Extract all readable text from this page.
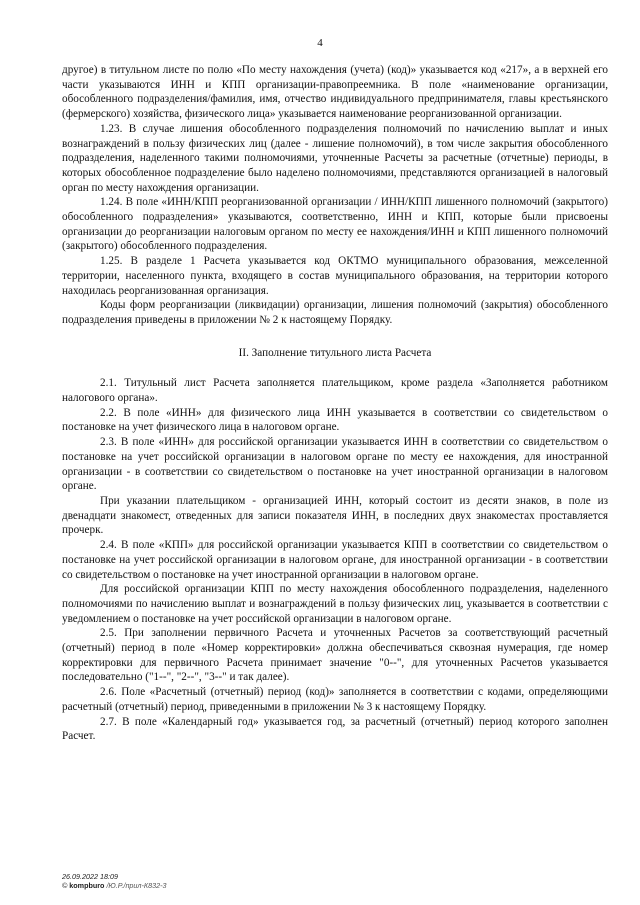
4

другое) в титульном листе по полю «По месту нахождения (учета) (код)» указывается код «217», а в верхней его части указываются ИНН и КПП организации-правопреемника. В поле «наименование организации, обособленного подразделения/фамилия, имя, отчество индивидуального предпринимателя, главы крестьянского (фермерского) хозяйства, физического лица» указывается наименование реорганизованной организации.

1.23. В случае лишения обособленного подразделения полномочий по начислению выплат и иных вознаграждений в пользу физических лиц (далее - лишение полномочий), в том числе закрытия обособленного подразделения, наделенного такими полномочиями, уточненные Расчеты за расчетные (отчетные) периоды, в которых обособленное подразделение было наделено полномочиями, представляются организацией в налоговый орган по месту нахождения организации.

1.24. В поле «ИНН/КПП реорганизованной организации / ИНН/КПП лишенного полномочий (закрытого) обособленного подразделения» указываются, соответственно, ИНН и КПП, которые были присвоены организации до реорганизации налоговым органом по месту ее нахождения/ИНН и КПП лишенного полномочий (закрытого) обособленного подразделения.

1.25. В разделе 1 Расчета указывается код ОКТМО муниципального образования, межселенной территории, населенного пункта, входящего в состав муниципального образования, на территории которого находилась реорганизованная организация.

Коды форм реорганизации (ликвидации) организации, лишения полномочий (закрытия) обособленного подразделения приведены в приложении № 2 к настоящему Порядку.

II. Заполнение титульного листа Расчета

2.1. Титульный лист Расчета заполняется плательщиком, кроме раздела «Заполняется работником налогового органа».

2.2. В поле «ИНН» для физического лица ИНН указывается в соответствии со свидетельством о постановке на учет физического лица в налоговом органе.

2.3. В поле «ИНН» для российской организации указывается ИНН в соответствии со свидетельством о постановке на учет российской организации в налоговом органе по месту ее нахождения, для иностранной организации - в соответствии со свидетельством о постановке на учет иностранной организации в налоговом органе.

При указании плательщиком - организацией ИНН, который состоит из десяти знаков, в поле из двенадцати знакомест, отведенных для записи показателя ИНН, в последних двух знакоместах проставляется прочерк.

2.4. В поле «КПП» для российской организации указывается КПП в соответствии со свидетельством о постановке на учет российской организации в налоговом органе, для иностранной организации - в соответствии со свидетельством о постановке на учет иностранной организации в налоговом органе.

Для российской организации КПП по месту нахождения обособленного подразделения, наделенного полномочиями по начислению выплат и вознаграждений в пользу физических лиц, указывается в соответствии с уведомлением о постановке на учет российской организации в налоговом органе.

2.5. При заполнении первичного Расчета и уточненных Расчетов за соответствующий расчетный (отчетный) период в поле «Номер корректировки» должна обеспечиваться сквозная нумерация, где номер корректировки для первичного Расчета принимает значение "0--", для уточненных Расчетов указывается последовательно ("1--", "2--", "3--" и так далее).

2.6. Поле «Расчетный (отчетный) период (код)» заполняется в соответствии с кодами, определяющими расчетный (отчетный) период, приведенными в приложении № 3 к настоящему Порядку.

2.7. В поле «Календарный год» указывается год, за расчетный (отчетный) период которого заполнен Расчет.

26.09.2022 18:09
© kompburo /Ю.Р./прил-К832-3
